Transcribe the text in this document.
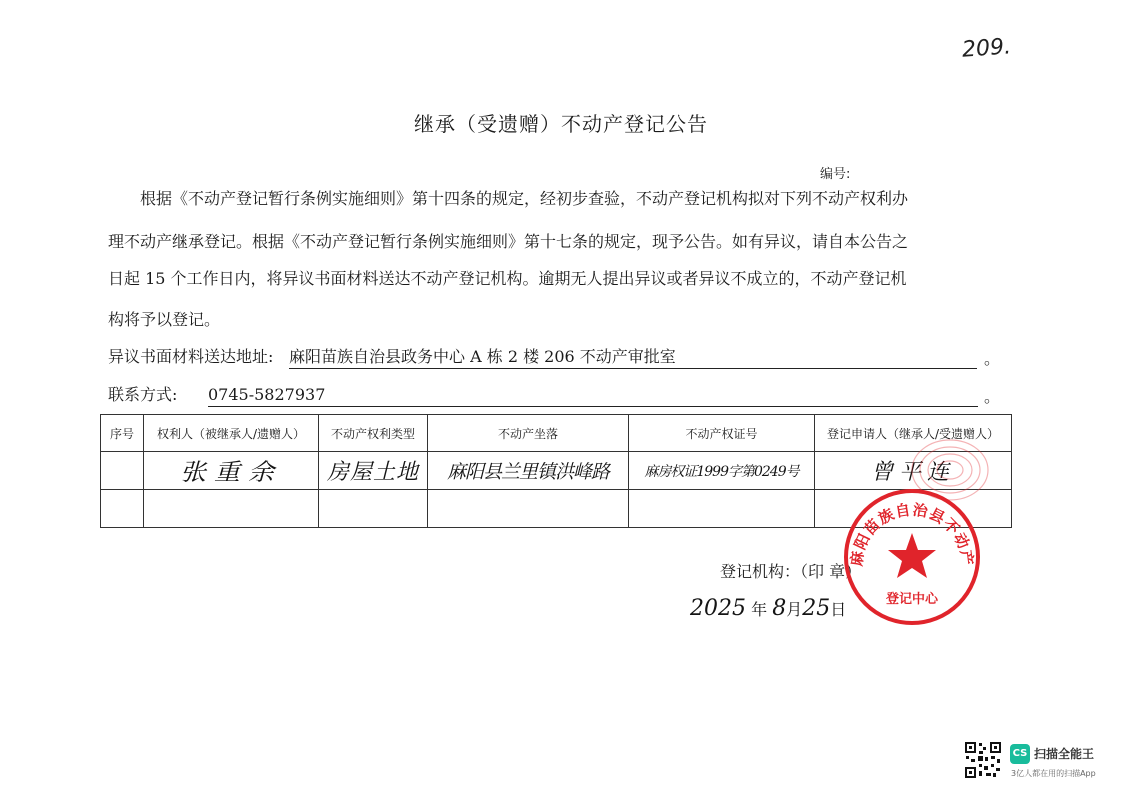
209.
继承（受遗赠）不动产登记公告
编号:
根据《不动产登记暂行条例实施细则》第十四条的规定，经初步查验，不动产登记机构拟对下列不动产权利办
理不动产继承登记。根据《不动产登记暂行条例实施细则》第十七条的规定，现予公告。如有异议，请自本公告之
日起 15 个工作日内，将异议书面材料送达不动产登记机构。逾期无人提出异议或者异议不成立的，不动产登记机
构将予以登记。
异议书面材料送达地址: 麻阳苗族自治县政务中心 A 栋 2 楼 206 不动产审批室	。
联系方式: 0745-5827937	。
序号	权利人（被继承人/遗赠人）	不动产权利类型	不动产坐落	不动产权证号	登记申请人（继承人/受遗赠人）
	张重余	房屋土地	麻阳县兰里镇洪峰路	麻房权证1999字第0249号	曾平连

登记机构：（印 章）
2025 年 8月25日
麻阳苗族自治县不动产
登记中心
CS 扫描全能王
3亿人都在用的扫描App
